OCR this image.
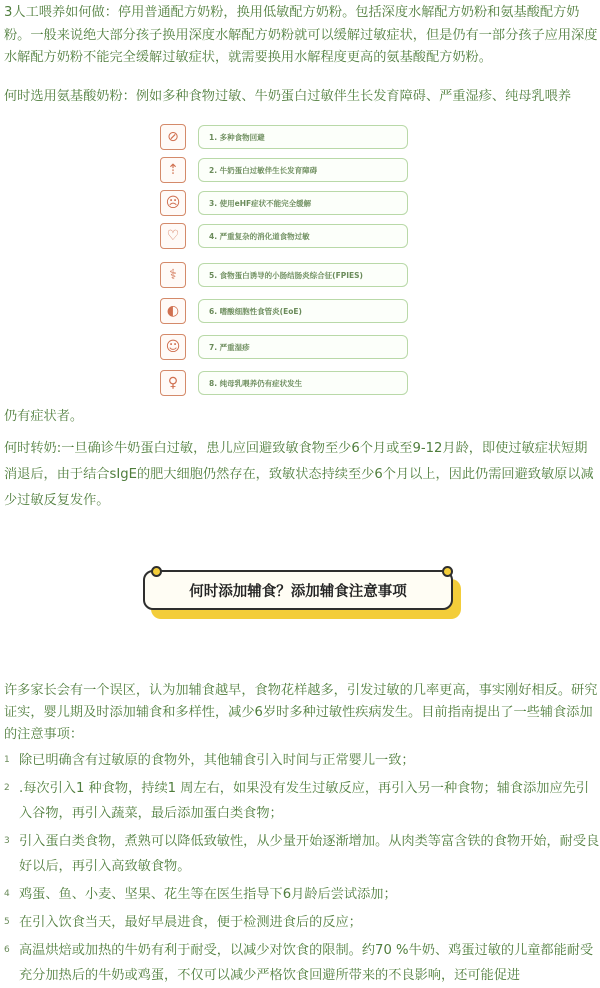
3人工喂养如何做：停用普通配方奶粉，换用低敏配方奶粉。包括深度水解配方奶粉和氨基酸配方奶粉。一般来说绝大部分孩子换用深度水解配方奶粉就可以缓解过敏症状，但是仍有一部分孩子应用深度水解配方奶粉不能完全缓解过敏症状，就需要换用水解程度更高的氨基酸配方奶粉。
何时选用氨基酸奶粉：例如多种食物过敏、牛奶蛋白过敏伴生长发育障碍、严重湿疹、纯母乳喂养
⊘	1. 多种食物回避
⇡	2. 牛奶蛋白过敏伴生长发育障碍
☹	3. 使用eHF症状不能完全缓解
♡	4. 严重复杂的消化道食物过敏
⚕	5. 食物蛋白诱导的小肠结肠炎综合征(FPIES)
◐	6. 嗜酸细胞性食管炎(EoE)
☺	7. 严重湿疹
♀	8. 纯母乳喂养仍有症状发生
仍有症状者。
何时转奶:一旦确诊牛奶蛋白过敏，患儿应回避致敏食物至少6个月或至9-12月龄，即使过敏症状短期消退后，由于结合sIgE的肥大细胞仍然存在，致敏状态持续至少6个月以上，因此仍需回避致敏原以减少过敏反复发作。
何时添加辅食？添加辅食注意事项
许多家长会有一个误区，认为加辅食越早，食物花样越多，引发过敏的几率更高，事实刚好相反。研究证实，婴儿期及时添加辅食和多样性，减少6岁时多种过敏性疾病发生。目前指南提出了一些辅食添加的注意事项：
1 除已明确含有过敏原的食物外，其他辅食引入时间与正常婴儿一致；
2 .每次引入1 种食物，持续1 周左右，如果没有发生过敏反应，再引入另一种食物；辅食添加应先引入谷物，再引入蔬菜，最后添加蛋白类食物；
3 引入蛋白类食物，煮熟可以降低致敏性，从少量开始逐渐增加。从肉类等富含铁的食物开始，耐受良好以后，再引入高致敏食物。
4 鸡蛋、鱼、小麦、坚果、花生等在医生指导下6月龄后尝试添加；
5 在引入饮食当天，最好早晨进食，便于检测进食后的反应；
6 高温烘焙或加热的牛奶有利于耐受，以减少对饮食的限制。约70 %牛奶、鸡蛋过敏的儿童都能耐受充分加热后的牛奶或鸡蛋，不仅可以减少严格饮食回避所带来的不良影响，还可能促进
